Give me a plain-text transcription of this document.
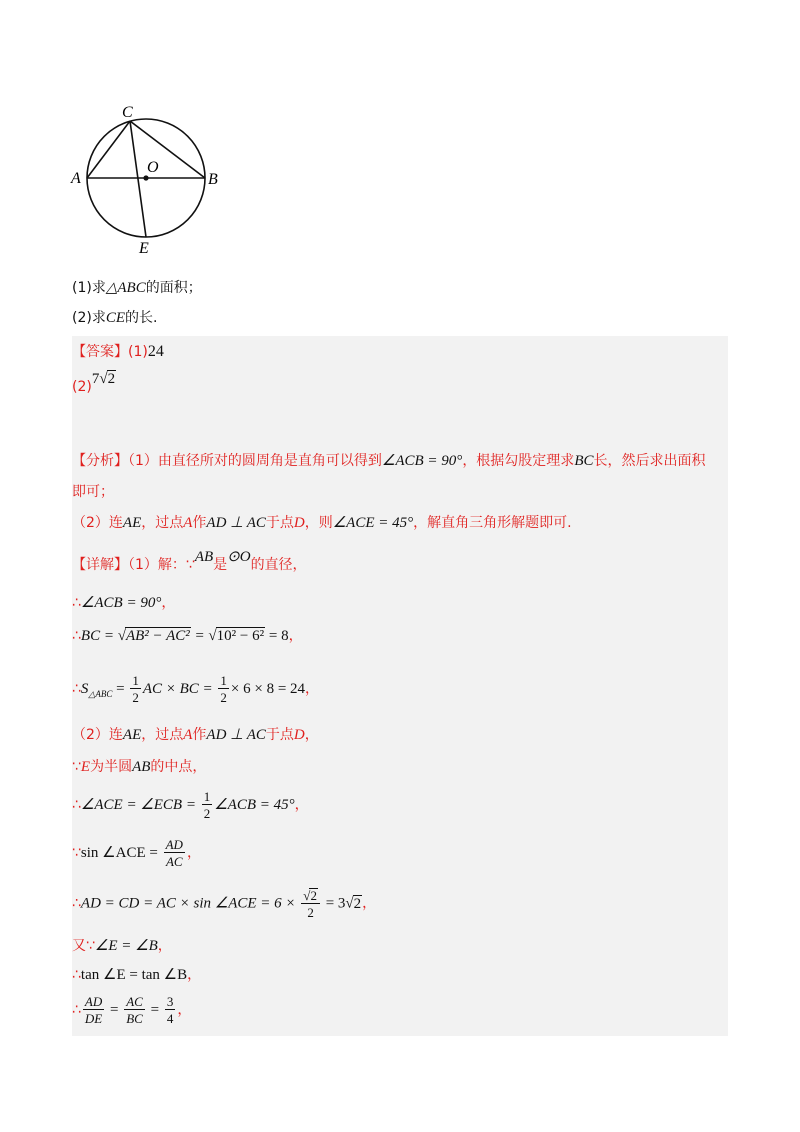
C
A	B
O
E
(1)求△ABC的面积；
(2)求CE的长.
【答案】(1)24
(2)7√2
【分析】（1）由直径所对的圆周角是直角可以得到∠ACB = 90°，根据勾股定理求BC长，然后求出面积
即可；
（2）连AE，过点A作AD ⊥ AC于点D，则∠ACE = 45°，解直角三角形解题即可.
【详解】（1）解：∵AB是⊙O的直径，
∴∠ACB = 90°，
∴BC = √AB² − AC² = √10² − 6² = 8，
$\therefore S_{\triangle ABC} = \frac{1}{2}$ AC × BC = $\frac{1}{2} \times 6 \times 8 = 24$，
（2）连AE，过点A作AD ⊥ AC于点D，
∵E为半圆AB的中点，
∴∠ACE = ∠ECB = $\frac{1}{2}$ ∠ACB = 45°，
∵sin ∠ACE = $\frac{AD}{AC}$ ，
∴AD = CD = AC × sin ∠ACE = $6 \times \frac{√2}{2} = 3√2$，
又∵∠E = ∠B，
∴tan ∠E = tan ∠B，
∴ $\frac{AD}{DE} = \frac{AC}{BC} = \frac{3}{4}$ ，
